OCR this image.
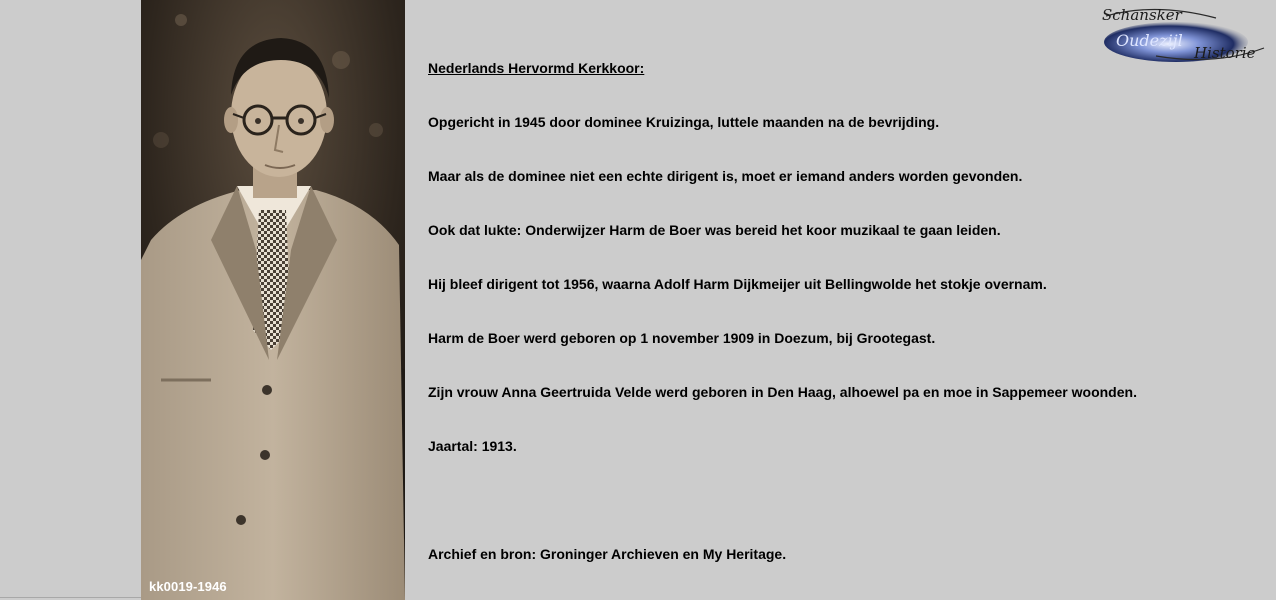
kk0019-1946
Schansker
Oudezijl
Historie
Nederlands Hervormd Kerkkoor:
Opgericht in 1945 door dominee Kruizinga, luttele maanden na de bevrijding.
Maar als de dominee niet een echte dirigent is, moet er iemand anders worden gevonden.
Ook dat lukte: Onderwijzer Harm de Boer was bereid het koor muzikaal te gaan leiden.
Hij bleef dirigent tot 1956, waarna Adolf Harm Dijkmeijer uit Bellingwolde het stokje overnam.
Harm de Boer werd geboren op 1 november 1909 in Doezum, bij Grootegast.
Zijn vrouw Anna Geertruida Velde werd geboren in Den Haag, alhoewel pa en moe in Sappemeer woonden.
Jaartal: 1913.
Archief en bron: Groninger Archieven en My Heritage.
